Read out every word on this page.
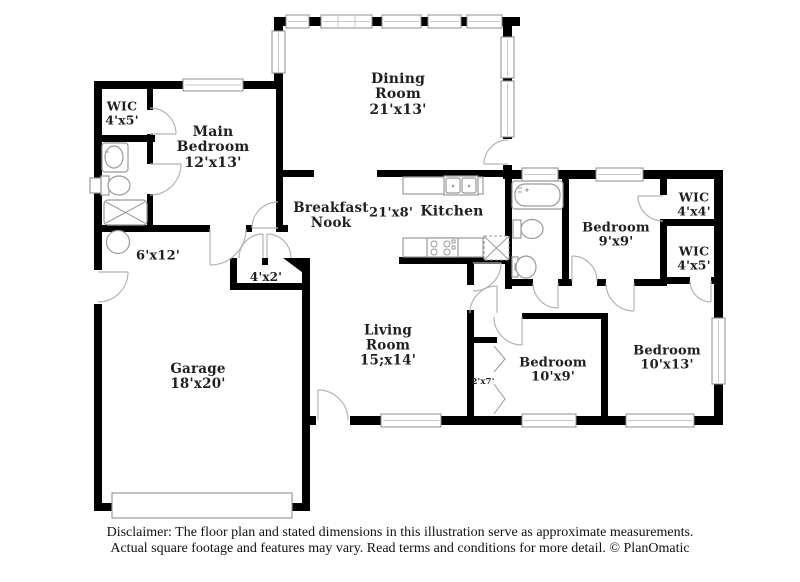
WIC
4'x5'
Main Bedroom
12'x13'
Dining Room
21'x13'
Breakfast Nook
Kitchen
Bedroom
9'x9'
WIC
4'x4'
WIC
4'x5'
Garage
18'x20'
Living Room
15;x14'	Bedroom
10'x9'
Bedroom
10'x13'
21'x8'
6'x12'
4'x2'
2'x7'
Disclaimer: The floor plan and stated dimensions in this illustration serve as approximate measurements.
Actual square footage and features may vary. Read terms and conditions for more detail. © PlanOmatic
